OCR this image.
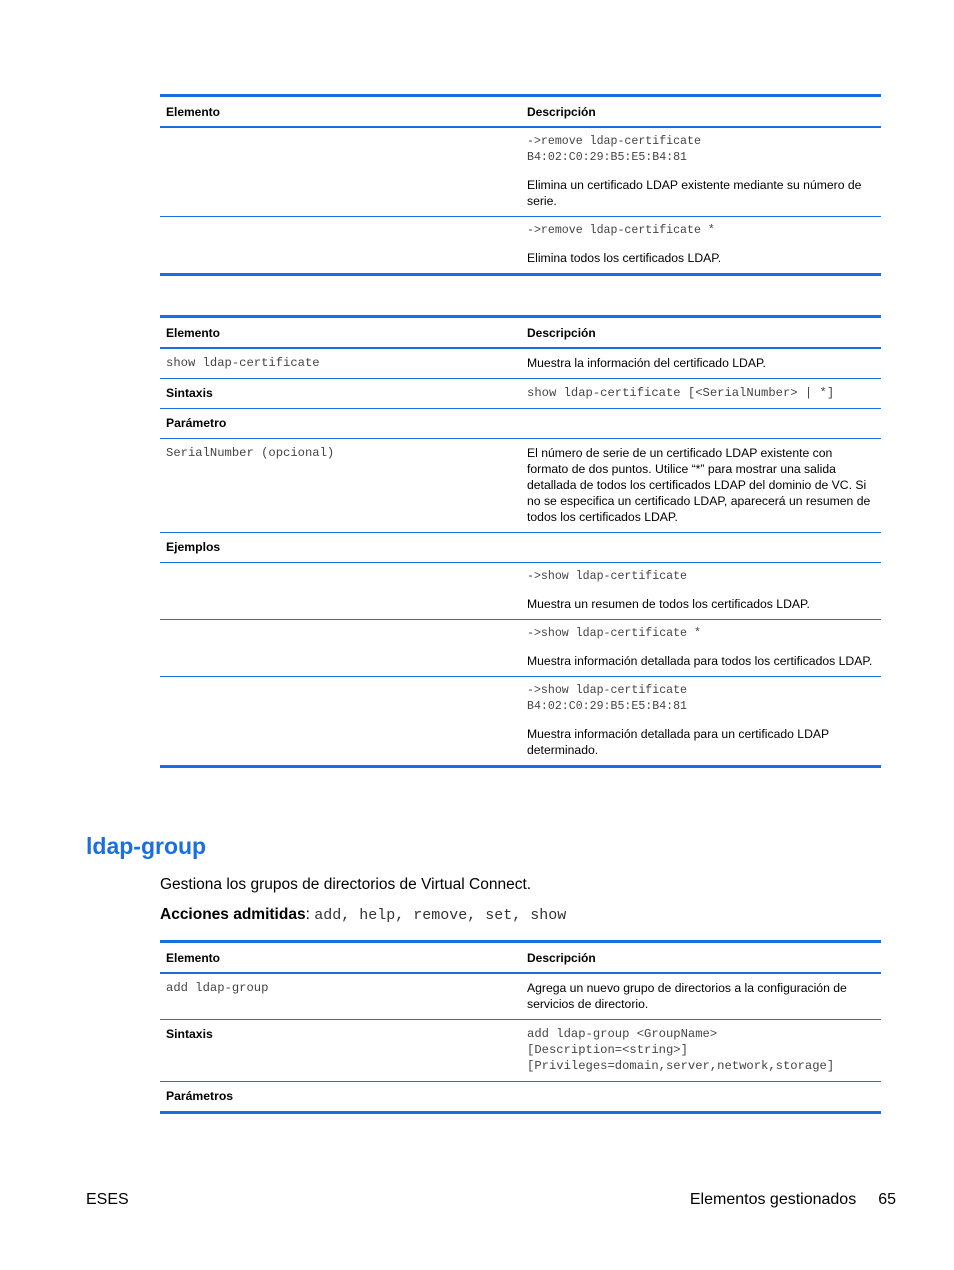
Elemento	Descripción

	->remove ldap-certificate
B4:02:C0:29:B5:E5:B4:81
Elimina un certificado LDAP existente mediante su número de serie.

	->remove ldap-certificate *
Elimina todos los certificados LDAP.
Elemento	Descripción
show ldap-certificate	Muestra la información del certificado LDAP.
Sintaxis	show ldap-certificate [<SerialNumber> | *]
Parámetro	
SerialNumber (opcional)	El número de serie de un certificado LDAP existente con formato de dos puntos. Utilice “*” para mostrar una salida detallada de todos los certificados LDAP del dominio de VC. Si no se especifica un certificado LDAP, aparecerá un resumen de todos los certificados LDAP.
Ejemplos	

	->show ldap-certificate
Muestra un resumen de todos los certificados LDAP.

	->show ldap-certificate *
Muestra información detallada para todos los certificados LDAP.

	->show ldap-certificate
B4:02:C0:29:B5:E5:B4:81
Muestra información detallada para un certificado LDAP determinado.
ldap-group
Gestiona los grupos de directorios de Virtual Connect.
Acciones admitidas: add, help, remove, set, show
Elemento	Descripción
add ldap-group	Agrega un nuevo grupo de directorios a la configuración de servicios de directorio.
Sintaxis	add ldap-group <GroupName>
[Description=<string>]
[Privileges=domain,server,network,storage]
Parámetros	
ESES	Elementos gestionados 65
